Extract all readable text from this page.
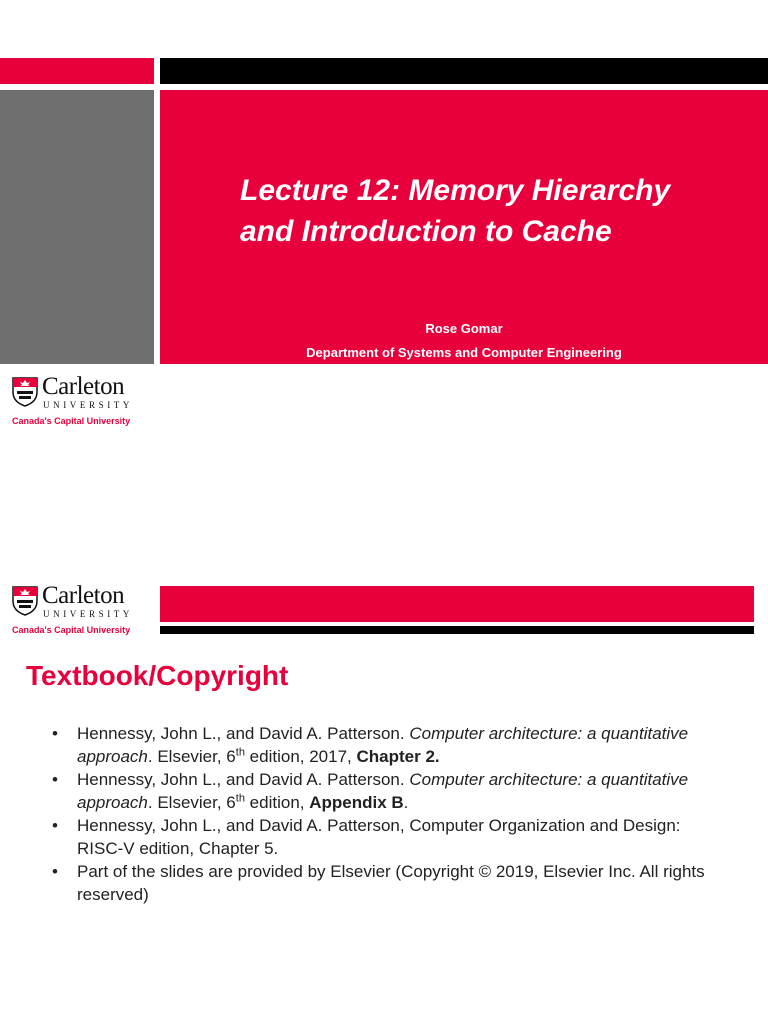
Lecture 12: Memory Hierarchy
and Introduction to Cache
Rose Gomar
Department of Systems and Computer Engineering
Carleton
UNIVERSITY
Canada's Capital University
Carleton
UNIVERSITY
Canada's Capital University
Textbook/Copyright
• Hennessy, John L., and David A. Patterson. Computer architecture: a quantitative approach. Elsevier, 6th edition, 2017, Chapter 2.
• Hennessy, John L., and David A. Patterson. Computer architecture: a quantitative approach. Elsevier, 6th edition, Appendix B.
• Hennessy, John L., and David A. Patterson, Computer Organization and Design: RISC-V edition, Chapter 5.
• Part of the slides are provided by Elsevier (Copyright © 2019, Elsevier Inc. All rights reserved)
